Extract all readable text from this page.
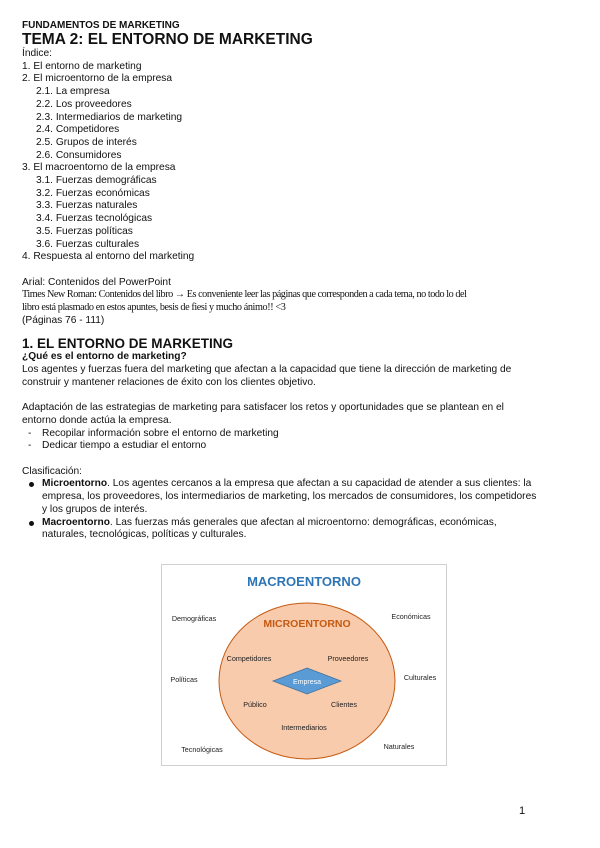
FUNDAMENTOS DE MARKETING
TEMA 2: EL ENTORNO DE MARKETING
Índice:
1. El entorno de marketing
2. El microentorno de la empresa
2.1. La empresa
2.2. Los proveedores
2.3. Intermediarios de marketing
2.4. Competidores
2.5. Grupos de interés
2.6. Consumidores
3. El macroentorno de la empresa
3.1. Fuerzas demográficas
3.2. Fuerzas económicas
3.3. Fuerzas naturales
3.4. Fuerzas tecnológicas
3.5. Fuerzas políticas
3.6. Fuerzas culturales
4. Respuesta al entorno del marketing
Arial: Contenidos del PowerPoint
Times New Roman: Contenidos del libro → Es conveniente leer las páginas que corresponden a cada tema, no todo lo del
libro está plasmado en estos apuntes, besis de fiesi y mucho ánimo!! <3
(Páginas 76 - 111)
1. EL ENTORNO DE MARKETING
¿Qué es el entorno de marketing?
Los agentes y fuerzas fuera del marketing que afectan a la capacidad que tiene la dirección de marketing de
construir y mantener relaciones de éxito con los clientes objetivo.
Adaptación de las estrategias de marketing para satisfacer los retos y oportunidades que se plantean en el
entorno donde actúa la empresa.
- Recopilar información sobre el entorno de marketing
- Dedicar tiempo a estudiar el entorno
Clasificación:
Microentorno. Los agentes cercanos a la empresa que afectan a su capacidad de atender a sus clientes: la
empresa, los proveedores, los intermediarios de marketing, los mercados de consumidores, los competidores
y los grupos de interés.
Macroentorno. Las fuerzas más generales que afectan al microentorno: demográficas, económicas,
naturales, tecnológicas, políticas y culturales.
MACROENTORNO
MICROENTORNO
Empresa
Competidores	Proveedores
Público	Clientes
Intermediarios
Demográficas	Económicas
Políticas	Culturales
Tecnológicas	Naturales
1
